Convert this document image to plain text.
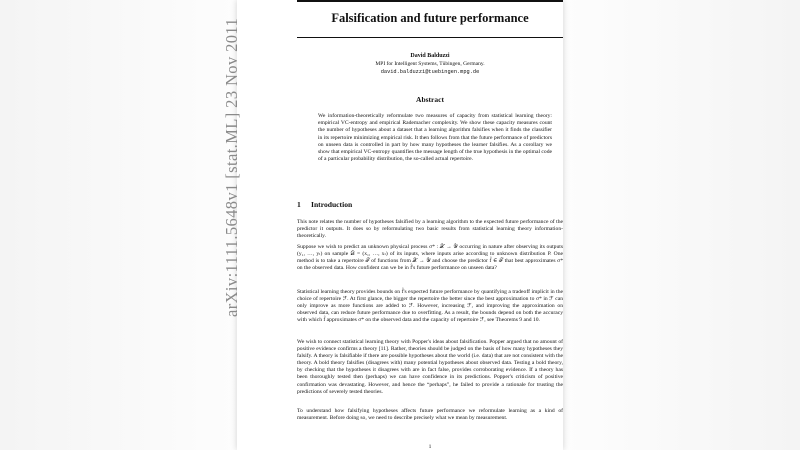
arXiv:1111.5648v1 [stat.ML] 23 Nov 2011	Falsification and future performance
David Balduzzi
MPI for Intelligent Systems, Tübingen, Germany.
david.balduzzi@tuebingen.mpg.de
Abstract
We information-theoretically reformulate two measures of capacity from statistical learning theory: empirical VC-entropy and empirical Rademacher complexity. We show these capacity measures count the number of hypotheses about a dataset that a learning algorithm falsifies when it finds the classifier in its repertoire minimizing empirical risk. It then follows from that the future performance of predictors on unseen data is controlled in part by how many hypotheses the learner falsifies. As a corollary we show that empirical VC-entropy quantifies the message length of the true hypothesis in the optimal code of a particular probability distribution, the so-called actual repertoire.
1 Introduction
This note relates the number of hypotheses falsified by a learning algorithm to the expected future performance of the predictor it outputs. It does so by reformulating two basic results from statistical learning theory information-theoretically.
Suppose we wish to predict an unknown physical process σ* : 𝒳 → 𝒴 occurring in nature after observing its outputs (y₁, …, yₗ) on sample 𝒟 = (x₁, …, xₗ) of its inputs, where inputs arise according to unknown distribution P. One method is to take a repertoire ℱ of functions from 𝒳 → 𝒴 and choose the predictor f̂ ∈ ℱ that best approximates σ* on the observed data. How confident can we be in f̂'s future performance on unseen data?
Statistical learning theory provides bounds on f̂'s expected future performance by quantifying a tradeoff implicit in the choice of repertoire ℱ. At first glance, the bigger the repertoire the better since the best approximation to σ* in ℱ can only improve as more functions are added to ℱ. However, increasing ℱ, and improving the approximation on observed data, can reduce future performance due to overfitting. As a result, the bounds depend on both the accuracy with which f̂ approximates σ* on the observed data and the capacity of repertoire ℱ, see Theorems 9 and 10.
We wish to connect statistical learning theory with Popper's ideas about falsification. Popper argued that no amount of positive evidence confirms a theory [11]. Rather, theories should be judged on the basis of how many hypotheses they falsify. A theory is falsifiable if there are possible hypotheses about the world (i.e. data) that are not consistent with the theory. A bold theory falsifies (disagrees with) many potential hypotheses about observed data. Testing a bold theory, by checking that the hypotheses it disagrees with are in fact false, provides corroborating evidence. If a theory has been thoroughly tested then (perhaps) we can have confidence in its predictions. Popper's criticism of positive confirmation was devastating. However, and hence the “perhaps”, he failed to provide a rationale for trusting the predictions of severely tested theories.
To understand how falsifying hypotheses affects future performance we reformulate learning as a kind of measurement. Before doing so, we need to describe precisely what we mean by measurement.
1
